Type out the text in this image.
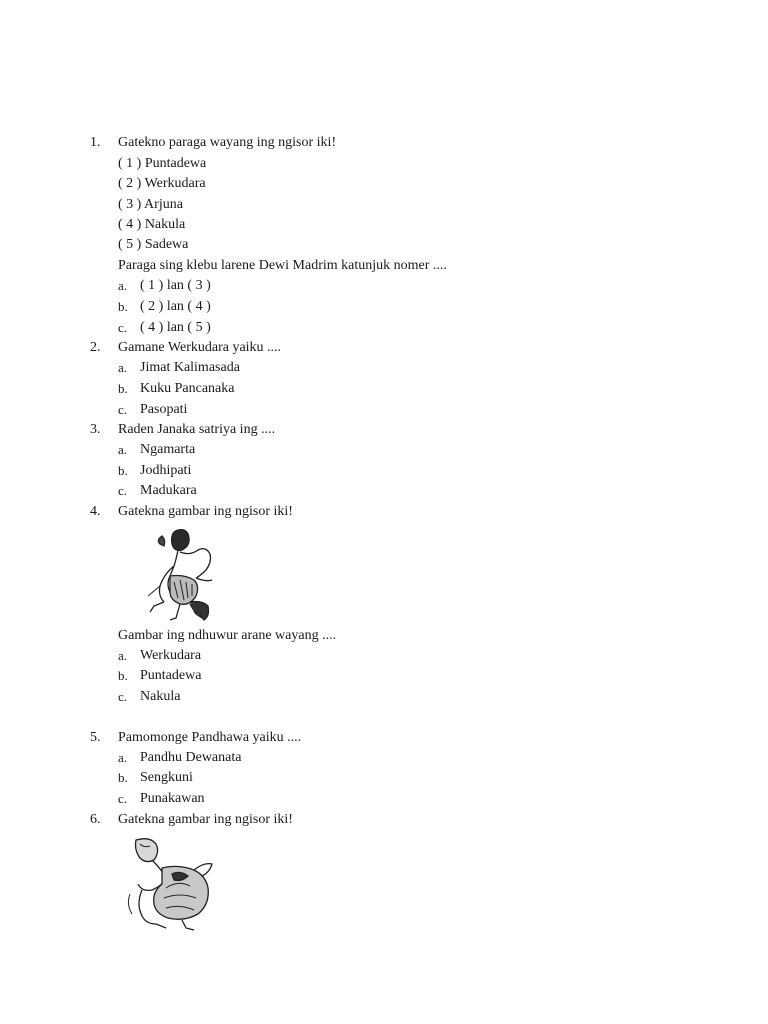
1. Gatekno paraga wayang ing ngisor iki!
( 1 ) Puntadewa
( 2 ) Werkudara
( 3 ) Arjuna
( 4 ) Nakula
( 5 ) Sadewa
Paraga sing klebu larene Dewi Madrim katunjuk nomer ....
a. ( 1 ) lan ( 3 )
b. ( 2 ) lan ( 4 )
c. ( 4 ) lan ( 5 )
2. Gamane Werkudara yaiku ....
a. Jimat Kalimasada
b. Kuku Pancanaka
c. Pasopati
3. Raden Janaka satriya ing ....
a. Ngamarta
b. Jodhipati
c. Madukara
4. Gatekna gambar ing ngisor iki!
Gambar ing ndhuwur arane wayang ....
a. Werkudara
b. Puntadewa
c. Nakula
5. Pamomonge Pandhawa yaiku ....
a. Pandhu Dewanata
b. Sengkuni
c. Punakawan
6. Gatekna gambar ing ngisor iki!
